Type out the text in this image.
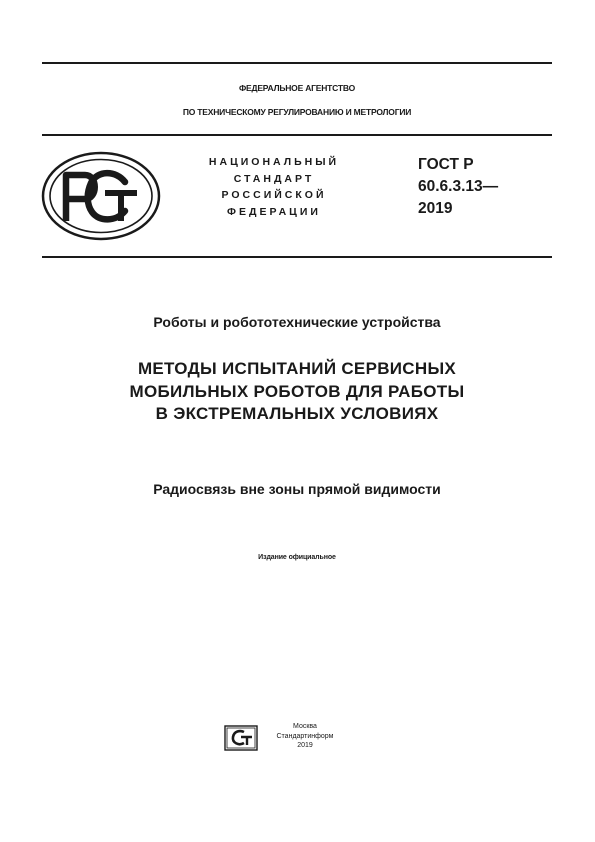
ФЕДЕРАЛЬНОЕ АГЕНТСТВО
ПО ТЕХНИЧЕСКОМУ РЕГУЛИРОВАНИЮ И МЕТРОЛОГИИ
НАЦИОНАЛЬНЫЙ
СТАНДАРТ
РОССИЙСКОЙ
ФЕДЕРАЦИИ
ГОСТ Р
60.6.3.13—
2019
Роботы и робототехнические устройства
МЕТОДЫ ИСПЫТАНИЙ СЕРВИСНЫХ
МОБИЛЬНЫХ РОБОТОВ ДЛЯ РАБОТЫ
В ЭКСТРЕМАЛЬНЫХ УСЛОВИЯХ
Радиосвязь вне зоны прямой видимости
Издание официальное
Москва
Стандартинформ
2019
